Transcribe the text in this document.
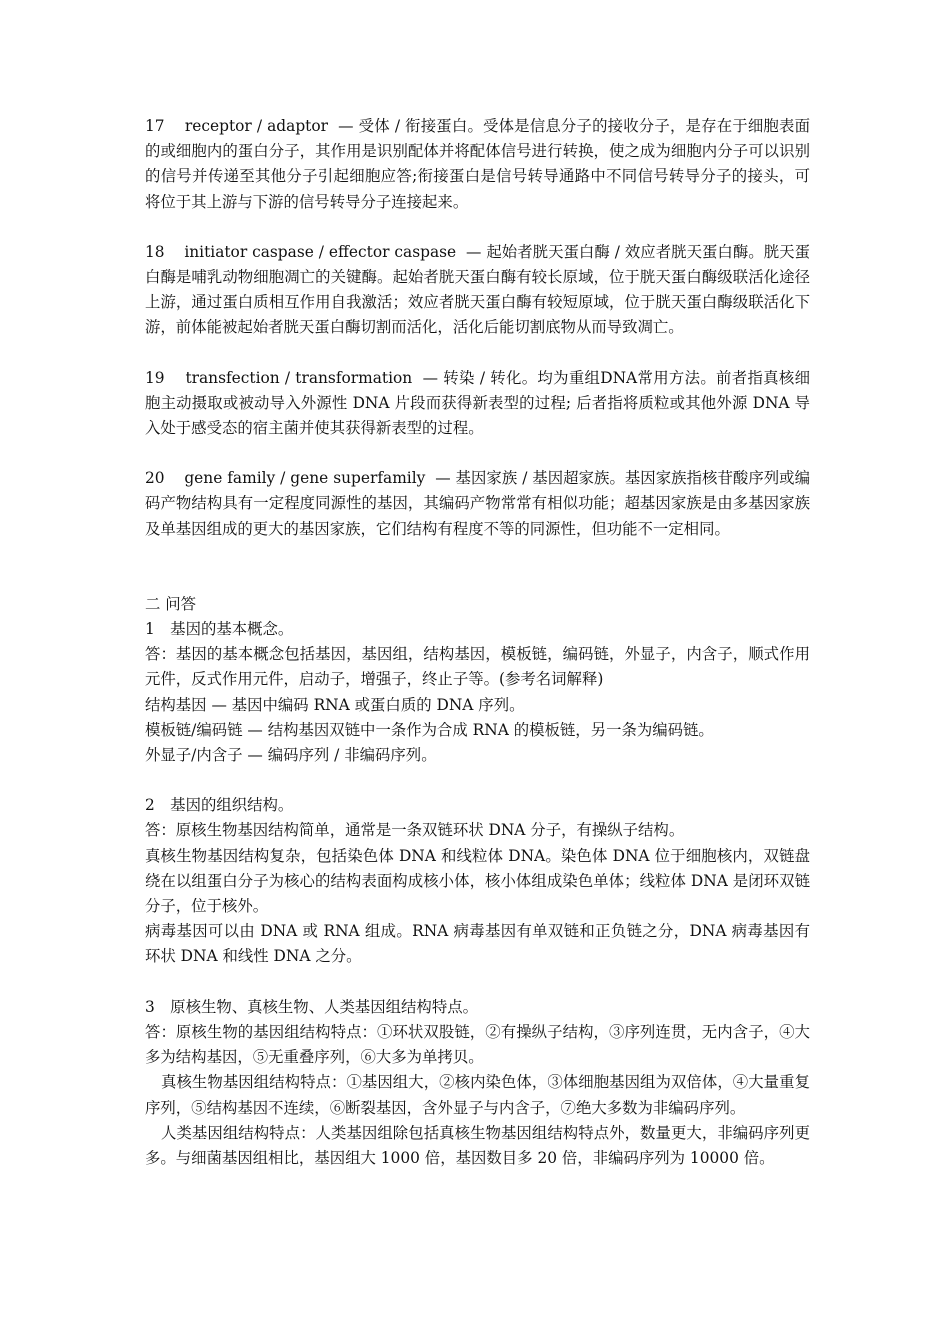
17 receptor / adaptor — 受体 / 衔接蛋白。受体是信息分子的接收分子，是存在于细胞表面的或细胞内的蛋白分子，其作用是识别配体并将配体信号进行转换，使之成为细胞内分子可以识别的信号并传递至其他分子引起细胞应答;衔接蛋白是信号转导通路中不同信号转导分子的接头，可将位于其上游与下游的信号转导分子连接起来。

18 initiator caspase / effector caspase — 起始者胱天蛋白酶 / 效应者胱天蛋白酶。胱天蛋白酶是哺乳动物细胞凋亡的关键酶。起始者胱天蛋白酶有较长原域，位于胱天蛋白酶级联活化途径上游，通过蛋白质相互作用自我激活；效应者胱天蛋白酶有较短原域，位于胱天蛋白酶级联活化下游，前体能被起始者胱天蛋白酶切割而活化，活化后能切割底物从而导致凋亡。

19 transfection / transformation — 转染 / 转化。均为重组DNA常用方法。前者指真核细胞主动摄取或被动导入外源性 DNA 片段而获得新表型的过程; 后者指将质粒或其他外源 DNA 导入处于感受态的宿主菌并使其获得新表型的过程。

20 gene family / gene superfamily — 基因家族 / 基因超家族。基因家族指核苷酸序列或编码产物结构具有一定程度同源性的基因，其编码产物常常有相似功能；超基因家族是由多基因家族及单基因组成的更大的基因家族，它们结构有程度不等的同源性，但功能不一定相同。

二 问答

1　基因的基本概念。

答：基因的基本概念包括基因，基因组，结构基因，模板链，编码链，外显子，内含子，顺式作用元件，反式作用元件，启动子，增强子，终止子等。(参考名词解释)

结构基因 — 基因中编码 RNA 或蛋白质的 DNA 序列。

模板链/编码链 — 结构基因双链中一条作为合成 RNA 的模板链，另一条为编码链。

外显子/内含子 — 编码序列 / 非编码序列。

2　基因的组织结构。

答：原核生物基因结构简单，通常是一条双链环状 DNA 分子，有操纵子结构。

真核生物基因结构复杂，包括染色体 DNA 和线粒体 DNA。染色体 DNA 位于细胞核内，双链盘绕在以组蛋白分子为核心的结构表面构成核小体，核小体组成染色单体；线粒体 DNA 是闭环双链分子，位于核外。

病毒基因可以由 DNA 或 RNA 组成。RNA 病毒基因有单双链和正负链之分，DNA 病毒基因有环状 DNA 和线性 DNA 之分。

3　原核生物、真核生物、人类基因组结构特点。

答：原核生物的基因组结构特点：①环状双股链，②有操纵子结构，③序列连贯，无内含子，④大多为结构基因，⑤无重叠序列，⑥大多为单拷贝。

真核生物基因组结构特点：①基因组大，②核内染色体，③体细胞基因组为双倍体，④大量重复序列，⑤结构基因不连续，⑥断裂基因，含外显子与内含子，⑦绝大多数为非编码序列。

人类基因组结构特点：人类基因组除包括真核生物基因组结构特点外，数量更大，非编码序列更多。与细菌基因组相比，基因组大 1000 倍，基因数目多 20 倍，非编码序列为 10000 倍。
